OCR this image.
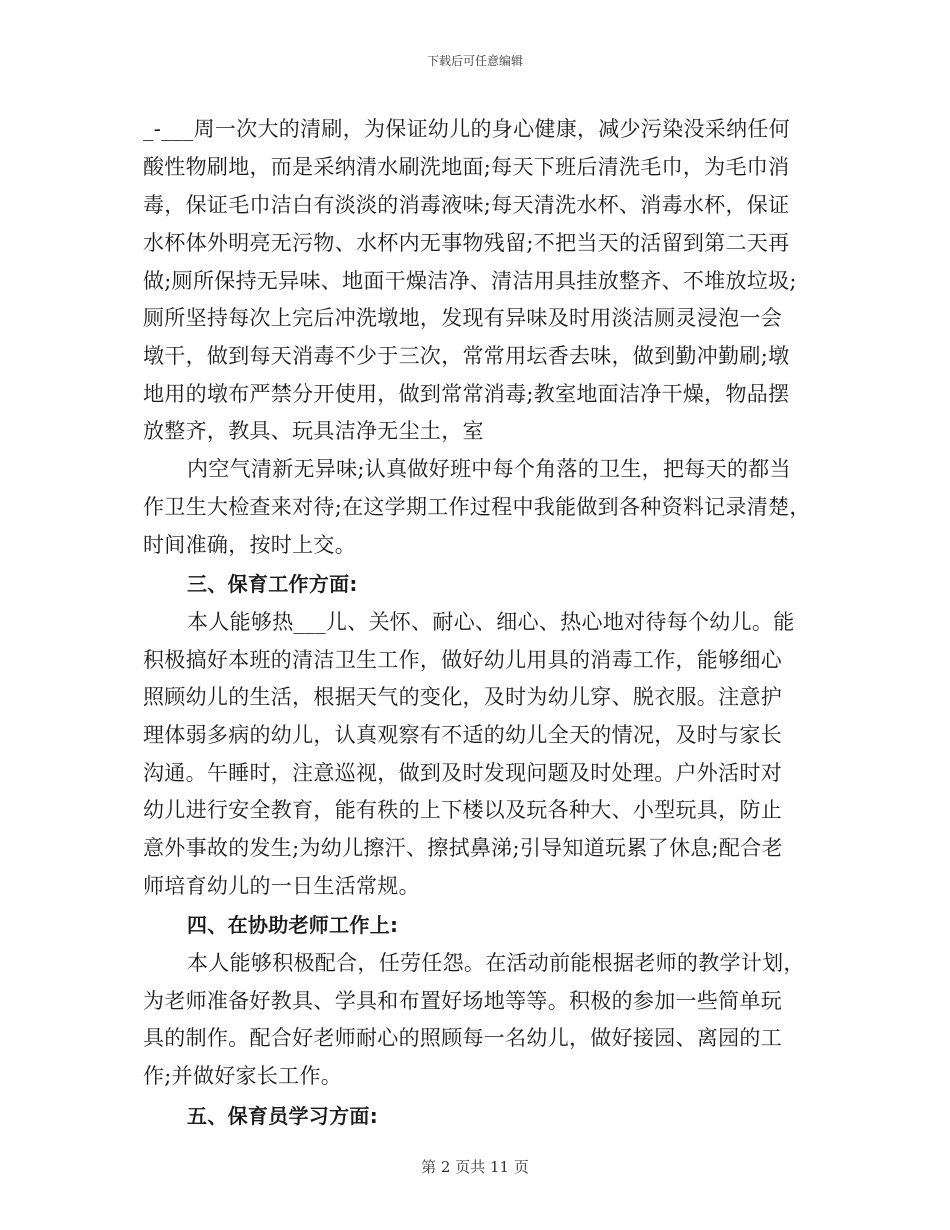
下载后可任意编辑
_-___周一次大的清刷，为保证幼儿的身心健康，减少污染没采纳任何
酸性物刷地，而是采纳清水刷洗地面;每天下班后清洗毛巾，为毛巾消
毒，保证毛巾洁白有淡淡的消毒液味;每天清洗水杯、消毒水杯，保证
水杯体外明亮无污物、水杯内无事物残留;不把当天的活留到第二天再
做;厕所保持无异味、地面干燥洁净、清洁用具挂放整齐、不堆放垃圾;
厕所坚持每次上完后冲洗墩地，发现有异味及时用淡洁厕灵浸泡一会
墩干，做到每天消毒不少于三次，常常用坛香去味，做到勤冲勤刷;墩
地用的墩布严禁分开使用，做到常常消毒;教室地面洁净干燥，物品摆
放整齐，教具、玩具洁净无尘土，室
内空气清新无异味;认真做好班中每个角落的卫生，把每天的都当
作卫生大检查来对待;在这学期工作过程中我能做到各种资料记录清楚，
时间准确，按时上交。
三、保育工作方面:
本人能够热___儿、关怀、耐心、细心、热心地对待每个幼儿。能
积极搞好本班的清洁卫生工作，做好幼儿用具的消毒工作，能够细心
照顾幼儿的生活，根据天气的变化，及时为幼儿穿、脱衣服。注意护
理体弱多病的幼儿，认真观察有不适的幼儿全天的情况，及时与家长
沟通。午睡时，注意巡视，做到及时发现问题及时处理。户外活时对
幼儿进行安全教育，能有秩的上下楼以及玩各种大、小型玩具，防止
意外事故的发生;为幼儿擦汗、擦拭鼻涕;引导知道玩累了休息;配合老
师培育幼儿的一日生活常规。
四、在协助老师工作上:
本人能够积极配合，任劳任怨。在活动前能根据老师的教学计划，
为老师准备好教具、学具和布置好场地等等。积极的参加一些简单玩
具的制作。配合好老师耐心的照顾每一名幼儿，做好接园、离园的工
作;并做好家长工作。
五、保育员学习方面:
第 2 页共 11 页
